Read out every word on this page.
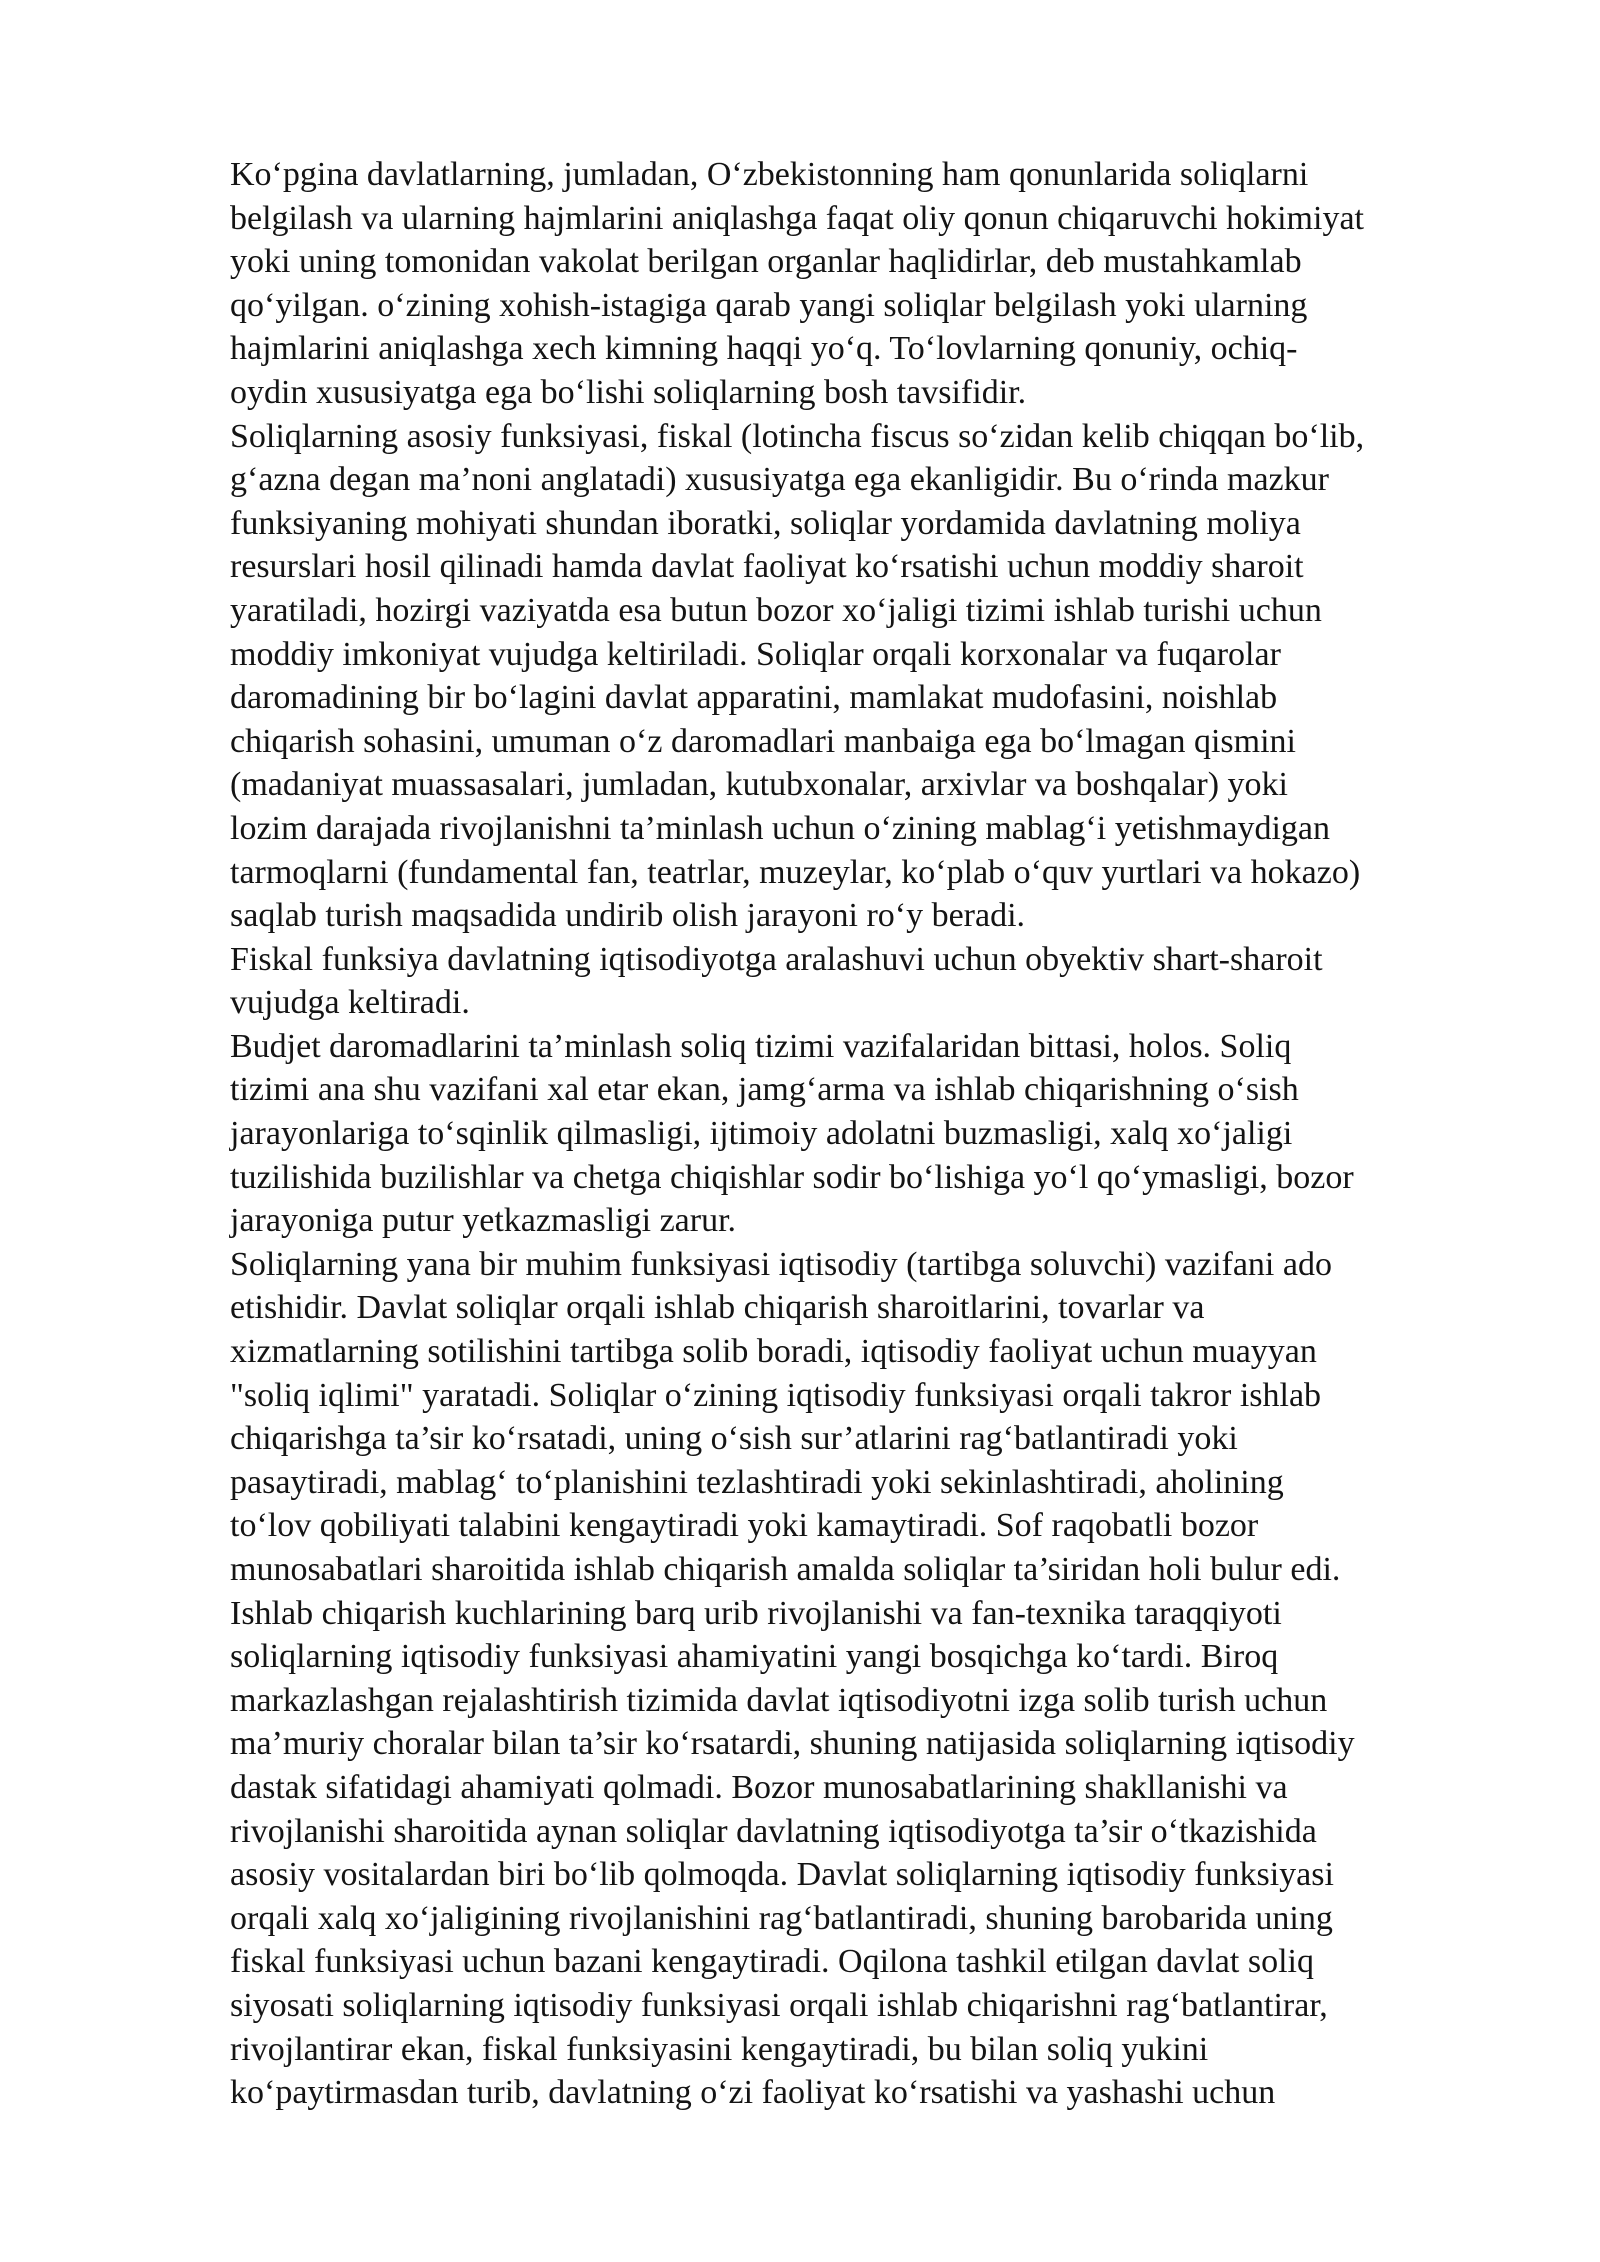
Ko‘pgina davlatlarning, jumladan, O‘zbekistonning ham qonunlarida soliqlarni
belgilash va ularning hajmlarini aniqlashga faqat oliy qonun chiqaruvchi hokimiyat
yoki uning tomonidan vakolat berilgan organlar haqlidirlar, deb mustahkamlab
qo‘yilgan. o‘zining xohish-istagiga qarab yangi soliqlar belgilash yoki ularning
hajmlarini aniqlashga xech kimning haqqi yo‘q. To‘lovlarning qonuniy, ochiq-
oydin xususiyatga ega bo‘lishi soliqlarning bosh tavsifidir.
Soliqlarning asosiy funksiyasi, fiskal (lotincha fiscus so‘zidan kelib chiqqan bo‘lib,
g‘azna degan ma’noni anglatadi) xususiyatga ega ekanligidir. Bu o‘rinda mazkur
funksiyaning mohiyati shundan iboratki, soliqlar yordamida davlatning moliya
resurslari hosil qilinadi hamda davlat faoliyat ko‘rsatishi uchun moddiy sharoit
yaratiladi, hozirgi vaziyatda esa butun bozor xo‘jaligi tizimi ishlab turishi uchun
moddiy imkoniyat vujudga keltiriladi. Soliqlar orqali korxonalar va fuqarolar
daromadining bir bo‘lagini davlat apparatini, mamlakat mudofasini, noishlab
chiqarish sohasini, umuman o‘z daromadlari manbaiga ega bo‘lmagan qismini
(madaniyat muassasalari, jumladan, kutubxonalar, arxivlar va boshqalar) yoki
lozim darajada rivojlanishni ta’minlash uchun o‘zining mablag‘i yetishmaydigan
tarmoqlarni (fundamental fan, teatrlar, muzeylar, ko‘plab o‘quv yurtlari va hokazo)
saqlab turish maqsadida undirib olish jarayoni ro‘y beradi.
Fiskal funksiya davlatning iqtisodiyotga aralashuvi uchun obyektiv shart-sharoit
vujudga keltiradi.
Budjet daromadlarini ta’minlash soliq tizimi vazifalaridan bittasi, holos. Soliq
tizimi ana shu vazifani xal etar ekan, jamg‘arma va ishlab chiqarishning o‘sish
jarayonlariga to‘sqinlik qilmasligi, ijtimoiy adolatni buzmasligi, xalq xo‘jaligi
tuzilishida buzilishlar va chetga chiqishlar sodir bo‘lishiga yo‘l qo‘ymasligi, bozor
jarayoniga putur yetkazmasligi zarur.
Soliqlarning yana bir muhim funksiyasi iqtisodiy (tartibga soluvchi) vazifani ado
etishidir. Davlat soliqlar orqali ishlab chiqarish sharoitlarini, tovarlar va
xizmatlarning sotilishini tartibga solib boradi, iqtisodiy faoliyat uchun muayyan
"soliq iqlimi" yaratadi. Soliqlar o‘zining iqtisodiy funksiyasi orqali takror ishlab
chiqarishga ta’sir ko‘rsatadi, uning o‘sish sur’atlarini rag‘batlantiradi yoki
pasaytiradi, mablag‘ to‘planishini tezlashtiradi yoki sekinlashtiradi, aholining
to‘lov qobiliyati talabini kengaytiradi yoki kamaytiradi. Sof raqobatli bozor
munosabatlari sharoitida ishlab chiqarish amalda soliqlar ta’siridan holi bulur edi.
Ishlab chiqarish kuchlarining barq urib rivojlanishi va fan-texnika taraqqiyoti
soliqlarning iqtisodiy funksiyasi ahamiyatini yangi bosqichga ko‘tardi. Biroq
markazlashgan rejalashtirish tizimida davlat iqtisodiyotni izga solib turish uchun
ma’muriy choralar bilan ta’sir ko‘rsatardi, shuning natijasida soliqlarning iqtisodiy
dastak sifatidagi ahamiyati qolmadi. Bozor munosabatlarining shakllanishi va
rivojlanishi sharoitida aynan soliqlar davlatning iqtisodiyotga ta’sir o‘tkazishida
asosiy vositalardan biri bo‘lib qolmoqda. Davlat soliqlarning iqtisodiy funksiyasi
orqali xalq xo‘jaligining rivojlanishini rag‘batlantiradi, shuning barobarida uning
fiskal funksiyasi uchun bazani kengaytiradi. Oqilona tashkil etilgan davlat soliq
siyosati soliqlarning iqtisodiy funksiyasi orqali ishlab chiqarishni rag‘batlantirar,
rivojlantirar ekan, fiskal funksiyasini kengaytiradi, bu bilan soliq yukini
ko‘paytirmasdan turib, davlatning o‘zi faoliyat ko‘rsatishi va yashashi uchun
